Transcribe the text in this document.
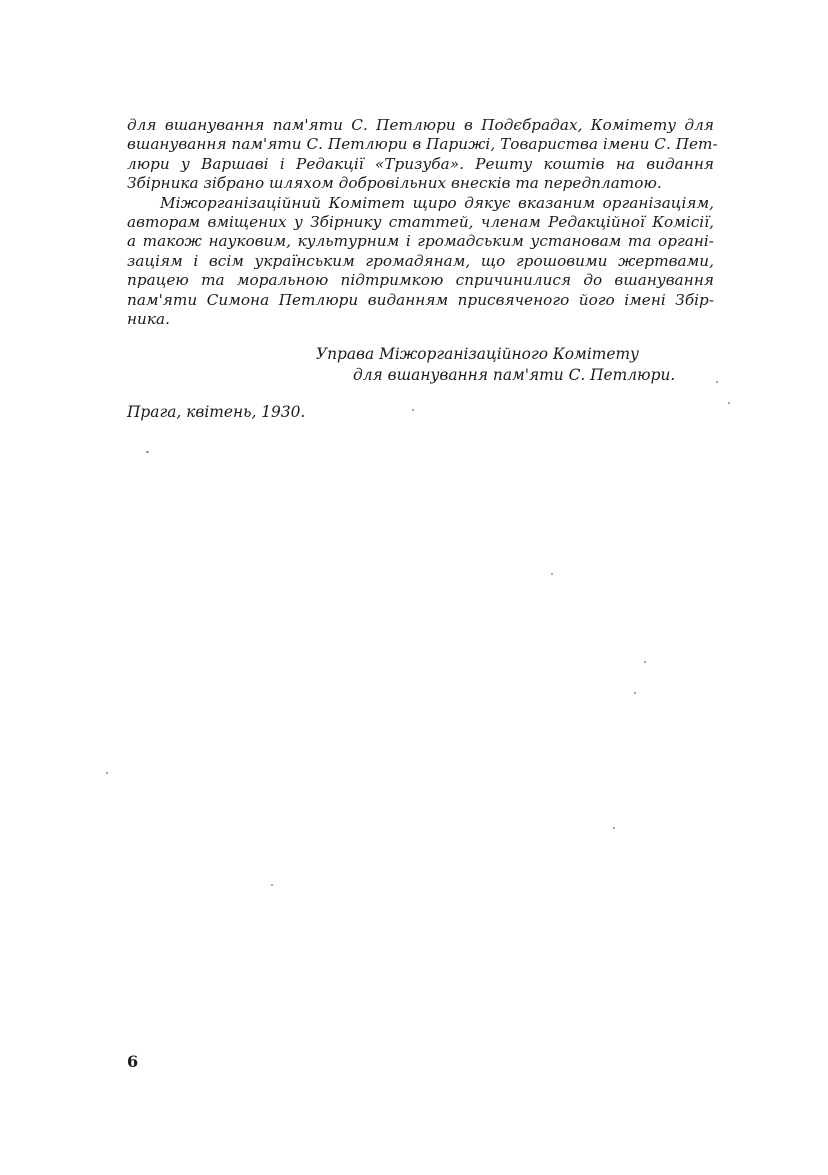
для вшанування пам'яти С. Петлюри в Подєбрадах, Комітету для
вшанування пам'яти С. Петлюри в Парижі, Товариства імени С. Пет-
люри у Варшаві і Редакції «Тризуба». Решту коштів на видання
Збірника зібрано шляхом добровільних внесків та передплатою.
Міжорганізаційний Комітет щиро дякує вказаним організаціям,
авторам вміщених у Збірнику статтей, членам Редакційної Комісії,
а також науковим, культурним і громадським установам та органі-
заціям і всім українським громадянам, що грошовими жертвами,
працею та моральною підтримкою спричинилися до вшанування
пам'яти Симона Петлюри виданням присвяченого його імені Збір-
ника.
Управа Міжорганізаційного Комітету
для вшанування пам'яти С. Петлюри.
Прага, квітень, 1930.
6
